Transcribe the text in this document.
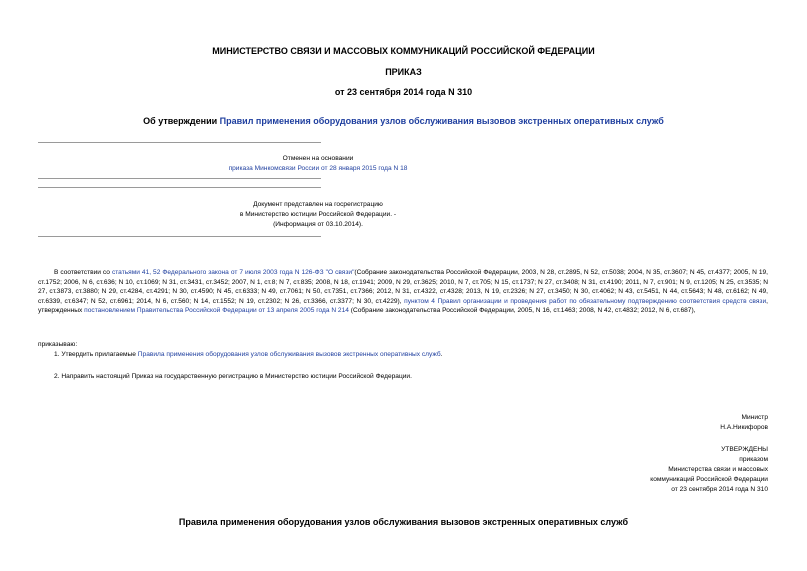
МИНИСТЕРСТВО СВЯЗИ И МАССОВЫХ КОММУНИКАЦИЙ РОССИЙСКОЙ ФЕДЕРАЦИИ
ПРИКАЗ
от 23 сентября 2014 года N 310
Об утверждении Правил применения оборудования узлов обслуживания вызовов экстренных оперативных служб
Отменен на основании
приказа Минкомсвязи России от 28 января 2015 года N 18
Документ представлен на госрегистрацию
в Министерство юстиции Российской Федерации. -
(Информация от 03.10.2014).
В соответствии со статьями 41, 52 Федерального закона от 7 июля 2003 года N 126-ФЗ "О связи"(Собрание законодательства Российской Федерации, 2003, N 28, ст.2895, N 52, ст.5038; 2004, N 35, ст.3607; N 45, ст.4377; 2005, N 19, ст.1752; 2006, N 6, ст.636; N 10, ст.1069; N 31, ст.3431, ст.3452; 2007, N 1, ст.8; N 7, ст.835; 2008, N 18, ст.1941; 2009, N 29, ст.3625; 2010, N 7, ст.705; N 15, ст.1737; N 27, ст.3408; N 31, ст.4190; 2011, N 7, ст.901; N 9, ст.1205; N 25, ст.3535; N 27, ст.3873, ст.3880; N 29, ст.4284, ст.4291; N 30, ст.4590; N 45, ст.6333; N 49, ст.7061; N 50, ст.7351, ст.7366; 2012, N 31, ст.4322, ст.4328; 2013, N 19, ст.2326; N 27, ст.3450; N 30, ст.4062; N 43, ст.5451, N 44, ст.5643; N 48, ст.6162; N 49, ст.6339, ст.6347; N 52, ст.6961; 2014, N 6, ст.560; N 14, ст.1552; N 19, ст.2302; N 26, ст.3366, ст.3377; N 30, ст.4229), пунктом 4 Правил организации и проведения работ по обязательному подтверждению соответствия средств связи, утвержденных постановлением Правительства Российской Федерации от 13 апреля 2005 года N 214 (Собрание законодательства Российской Федерации, 2005, N 16, ст.1463; 2008, N 42, ст.4832; 2012, N 6, ст.687),
приказываю:
1. Утвердить прилагаемые Правила применения оборудования узлов обслуживания вызовов экстренных оперативных служб.
2. Направить настоящий Приказ на государственную регистрацию в Министерство юстиции Российской Федерации.
Министр
Н.А.Никифоров
УТВЕРЖДЕНЫ
приказом
Министерства связи и массовых
коммуникаций Российской Федерации
от 23 сентября 2014 года N 310
Правила применения оборудования узлов обслуживания вызовов экстренных оперативных служб
